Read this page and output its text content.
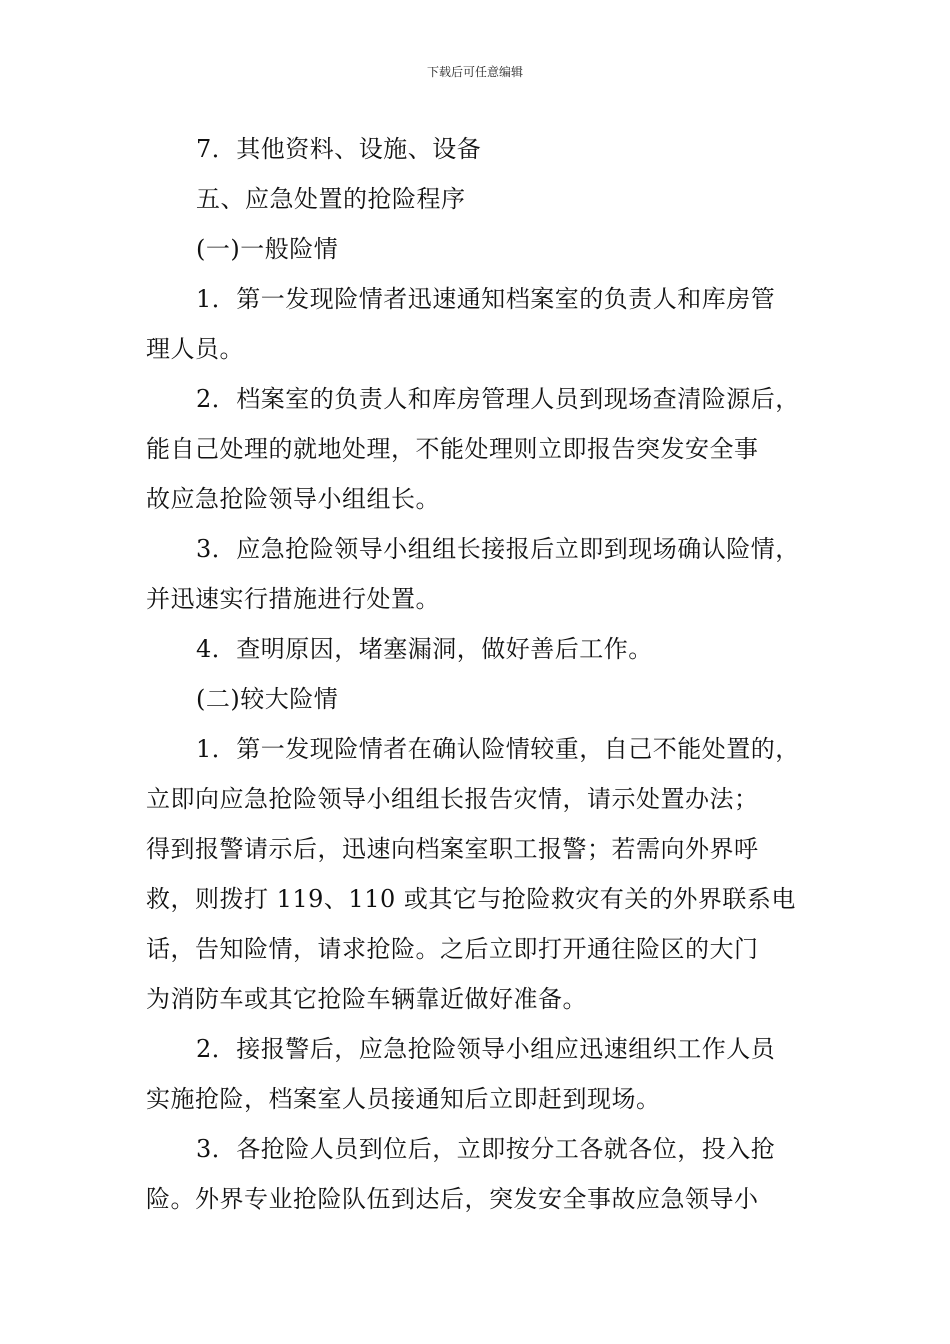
下载后可任意编辑
7．其他资料、设施、设备
五、应急处置的抢险程序
(一)一般险情
1．第一发现险情者迅速通知档案室的负责人和库房管
理人员。
2．档案室的负责人和库房管理人员到现场查清险源后，
能自己处理的就地处理，不能处理则立即报告突发安全事
故应急抢险领导小组组长。
3．应急抢险领导小组组长接报后立即到现场确认险情，
并迅速实行措施进行处置。
4．查明原因，堵塞漏洞，做好善后工作。
(二)较大险情
1．第一发现险情者在确认险情较重，自己不能处置的，
立即向应急抢险领导小组组长报告灾情，请示处置办法；
得到报警请示后，迅速向档案室职工报警；若需向外界呼
救，则拨打 119、110 或其它与抢险救灾有关的外界联系电
话，告知险情，请求抢险。之后立即打开通往险区的大门
为消防车或其它抢险车辆靠近做好准备。
2．接报警后，应急抢险领导小组应迅速组织工作人员
实施抢险，档案室人员接通知后立即赶到现场。
3．各抢险人员到位后，立即按分工各就各位，投入抢
险。外界专业抢险队伍到达后，突发安全事故应急领导小
